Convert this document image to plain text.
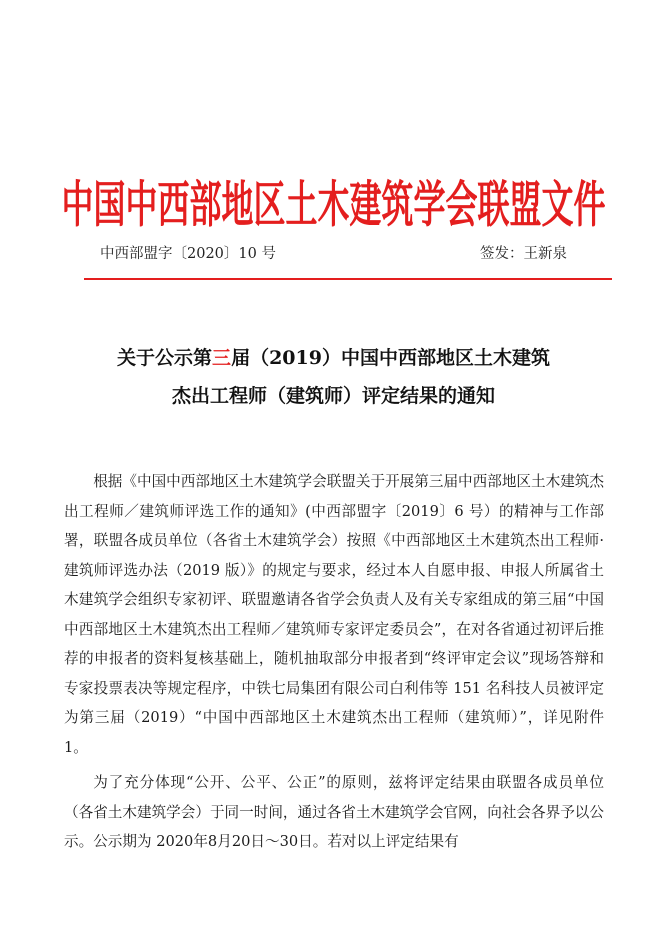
中国中西部地区土木建筑学会联盟文件
中西部盟字〔2020〕10 号	签发：王新泉
关于公示第三届（2019）中国中西部地区土木建筑
杰出工程师（建筑师）评定结果的通知

根据《中国中西部地区土木建筑学会联盟关于开展第三届中西部地区土木建筑杰出工程师／建筑师评选工作的通知》(中西部盟字〔2019〕6 号）的精神与工作部署，联盟各成员单位（各省土木建筑学会）按照《中西部地区土木建筑杰出工程师·建筑师评选办法（2019 版）》的规定与要求，经过本人自愿申报、申报人所属省土木建筑学会组织专家初评、联盟邀请各省学会负责人及有关专家组成的第三届“中国中西部地区土木建筑杰出工程师／建筑师专家评定委员会”，在对各省通过初评后推荐的申报者的资料复核基础上，随机抽取部分申报者到“终评审定会议”现场答辩和专家投票表决等规定程序，中铁七局集团有限公司白利伟等 151 名科技人员被评定为第三届（2019）“中国中西部地区土木建筑杰出工程师（建筑师）”，详见附件 1。

为了充分体现“公开、公平、公正”的原则，兹将评定结果由联盟各成员单位（各省土木建筑学会）于同一时间，通过各省土木建筑学会官网，向社会各界予以公示。公示期为 2020年8月20日～30日。若对以上评定结果有
